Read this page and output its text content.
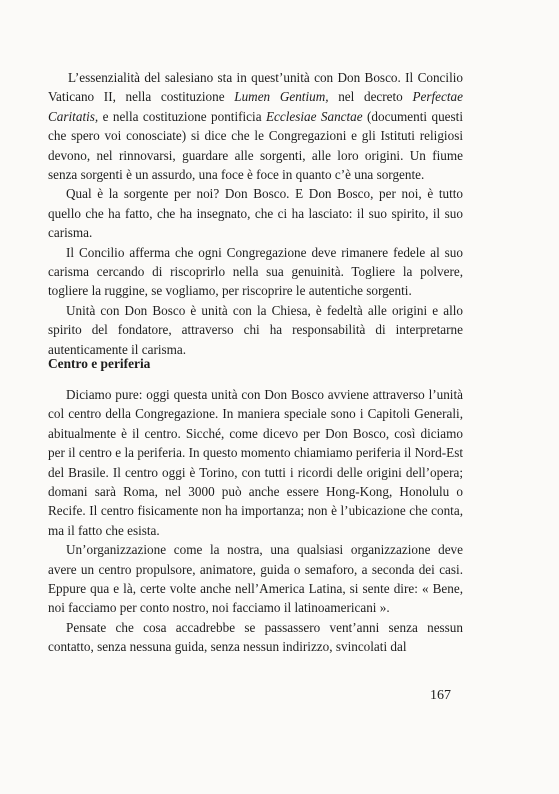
L’essenzialità del salesiano sta in quest’unità con Don Bosco. Il Concilio Vaticano II, nella costituzione Lumen Gentium, nel decreto Perfectae Caritatis, e nella costituzione pontificia Ecclesiae Sanctae (documenti questi che spero voi conosciate) si dice che le Congregazioni e gli Istituti religiosi devono, nel rinnovarsi, guardare alle sorgenti, alle loro origini. Un fiume senza sorgenti è un assurdo, una foce è foce in quanto c’è una sorgente.

Qual è la sorgente per noi? Don Bosco. E Don Bosco, per noi, è tutto quello che ha fatto, che ha insegnato, che ci ha lasciato: il suo spirito, il suo carisma.

Il Concilio afferma che ogni Congregazione deve rimanere fedele al suo carisma cercando di riscoprirlo nella sua genuinità. Togliere la polvere, togliere la ruggine, se vogliamo, per riscoprire le autentiche sorgenti.

Unità con Don Bosco è unità con la Chiesa, è fedeltà alle origini e allo spirito del fondatore, attraverso chi ha responsabilità di interpretarne autenticamente il carisma.

Centro e periferia

Diciamo pure: oggi questa unità con Don Bosco avviene attraverso l’unità col centro della Congregazione. In maniera speciale sono i Capitoli Generali, abitualmente è il centro. Sicché, come dicevo per Don Bosco, così diciamo per il centro e la periferia. In questo momento chiamiamo periferia il Nord-Est del Brasile. Il centro oggi è Torino, con tutti i ricordi delle origini dell’opera; domani sarà Roma, nel 3000 può anche essere Hong-Kong, Honolulu o Recife. Il centro fisicamente non ha importanza; non è l’ubicazione che conta, ma il fatto che esista.

Un’organizzazione come la nostra, una qualsiasi organizzazione deve avere un centro propulsore, animatore, guida o semaforo, a seconda dei casi. Eppure qua e là, certe volte anche nell’America Latina, si sente dire: « Bene, noi facciamo per conto nostro, noi facciamo il latinoamericani ».

Pensate che cosa accadrebbe se passassero vent’anni senza nessun contatto, senza nessuna guida, senza nessun indirizzo, svincolati dal

167
